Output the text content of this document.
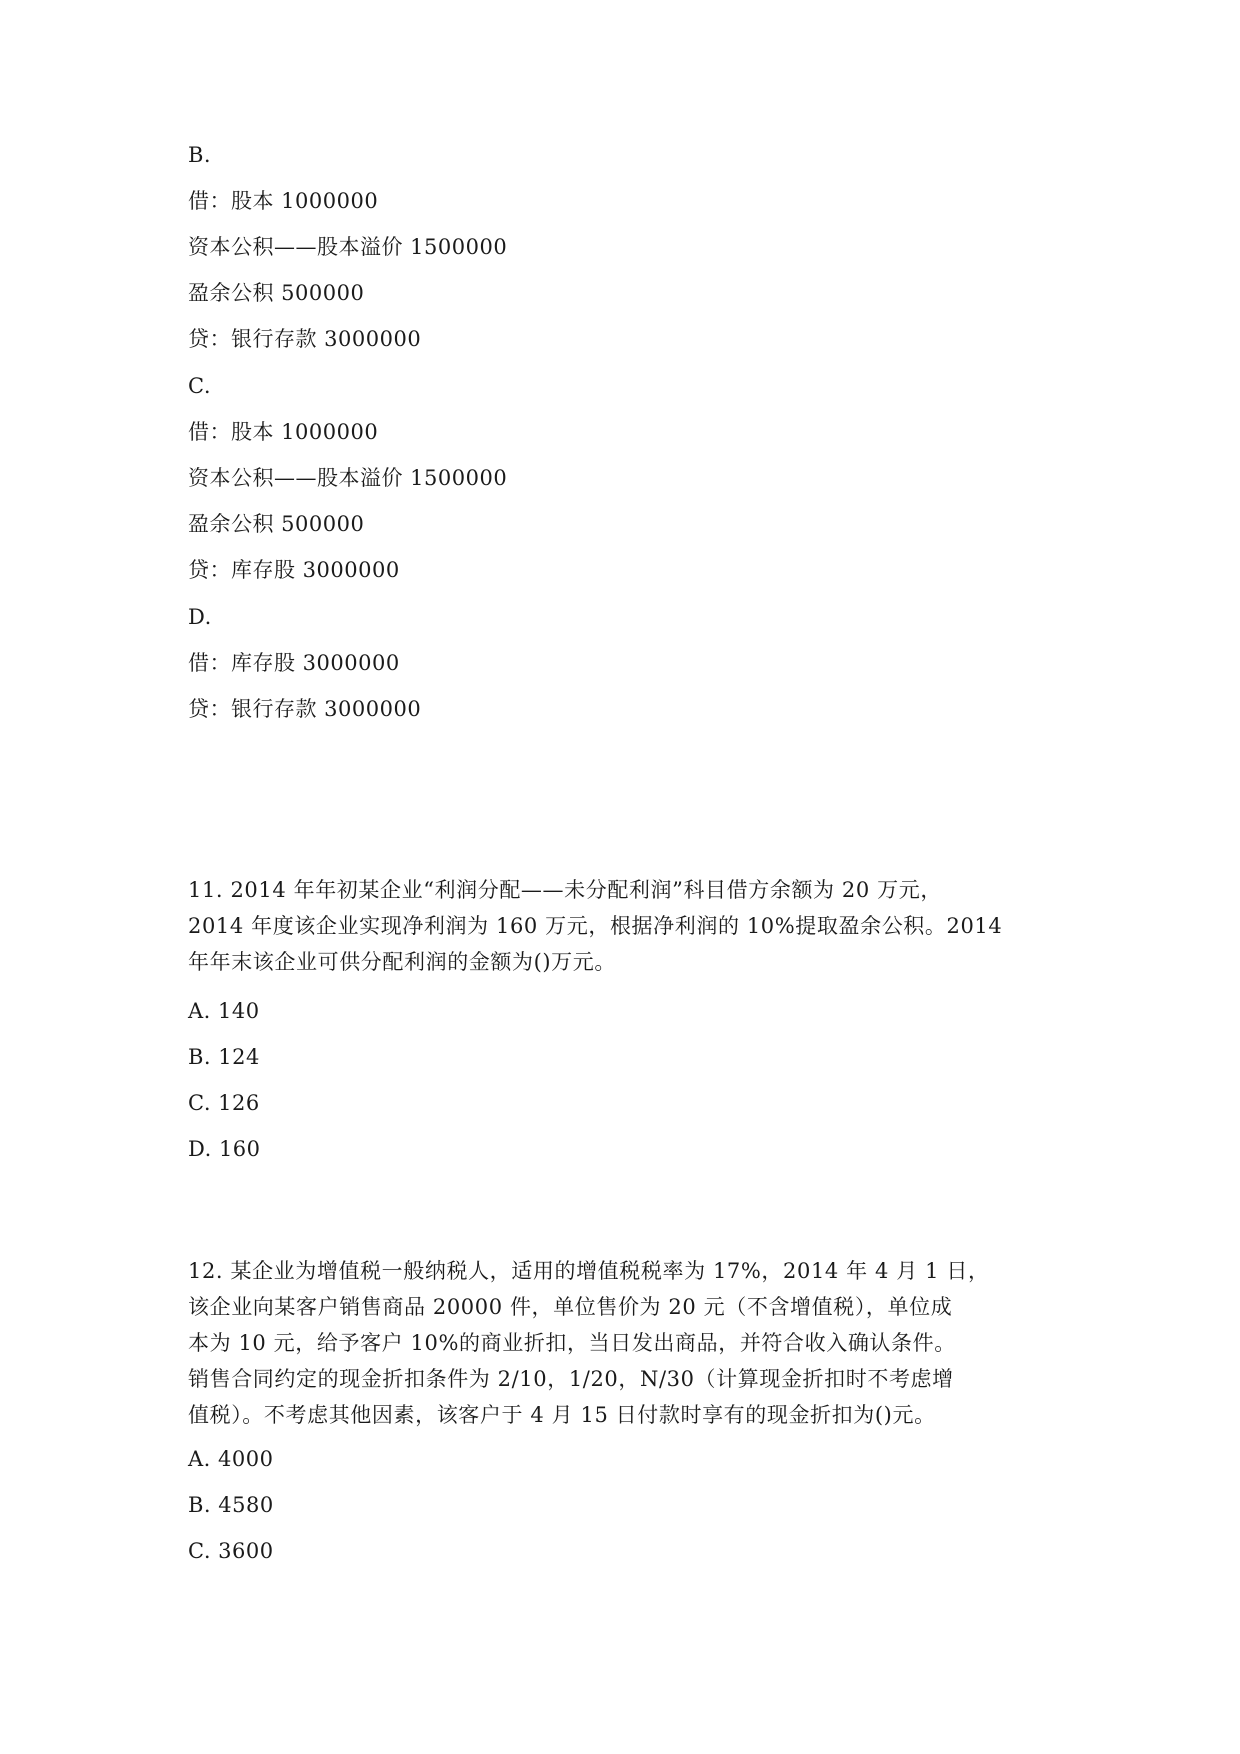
B.
借：股本 1000000
资本公积——股本溢价 1500000
盈余公积 500000
贷：银行存款 3000000
C.
借：股本 1000000
资本公积——股本溢价 1500000
盈余公积 500000
贷：库存股 3000000
D.
借：库存股 3000000
贷：银行存款 3000000
11. 2014 年年初某企业“利润分配——未分配利润”科目借方余额为 20 万元，
2014 年度该企业实现净利润为 160 万元，根据净利润的 10%提取盈余公积。2014
年年末该企业可供分配利润的金额为()万元。
A. 140
B. 124
C. 126
D. 160
12. 某企业为增值税一般纳税人，适用的增值税税率为 17%，2014 年 4 月 1 日，
该企业向某客户销售商品 20000 件，单位售价为 20 元（不含增值税），单位成
本为 10 元，给予客户 10%的商业折扣，当日发出商品，并符合收入确认条件。
销售合同约定的现金折扣条件为 2/10，1/20，N/30（计算现金折扣时不考虑增
值税）。不考虑其他因素，该客户于 4 月 15 日付款时享有的现金折扣为()元。
A. 4000
B. 4580
C. 3600
